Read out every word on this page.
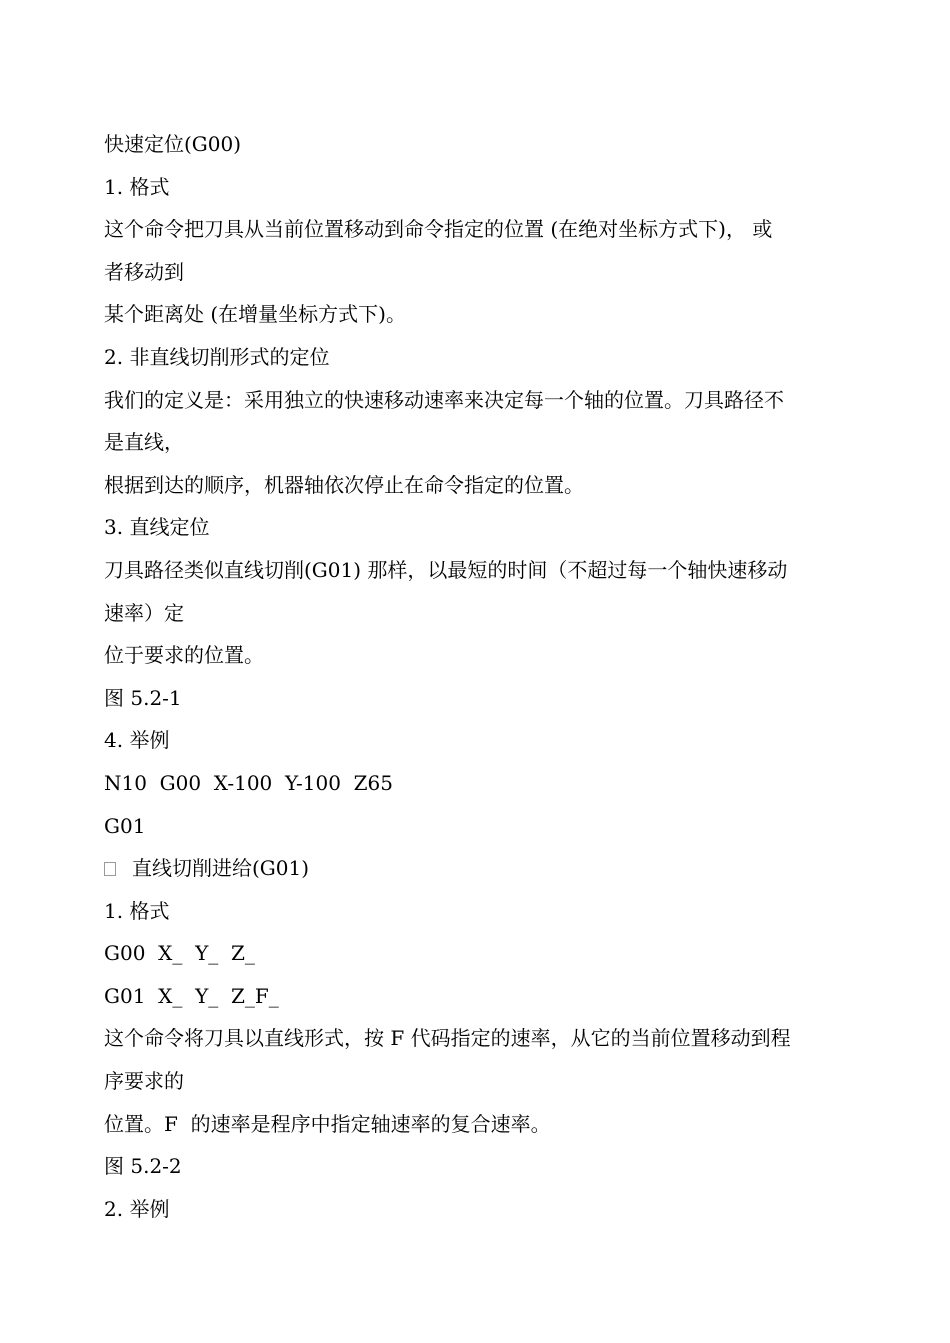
快速定位(G00)
1. 格式
这个命令把刀具从当前位置移动到命令指定的位置 (在绝对坐标方式下)， 或
者移动到
某个距离处 (在增量坐标方式下)。
2. 非直线切削形式的定位
我们的定义是：采用独立的快速移动速率来决定每一个轴的位置。刀具路径不
是直线，
根据到达的顺序，机器轴依次停止在命令指定的位置。
3. 直线定位
刀具路径类似直线切削(G01) 那样，以最短的时间（不超过每一个轴快速移动
速率）定
位于要求的位置。
图 5.2-1
4. 举例
N10  G00  X-100  Y-100  Z65
G01
直线切削进给(G01)
1. 格式
G00  X_  Y_  Z_
G01  X_  Y_  Z_F_
这个命令将刀具以直线形式，按 F 代码指定的速率，从它的当前位置移动到程
序要求的
位置。F  的速率是程序中指定轴速率的复合速率。
图 5.2-2
2. 举例
